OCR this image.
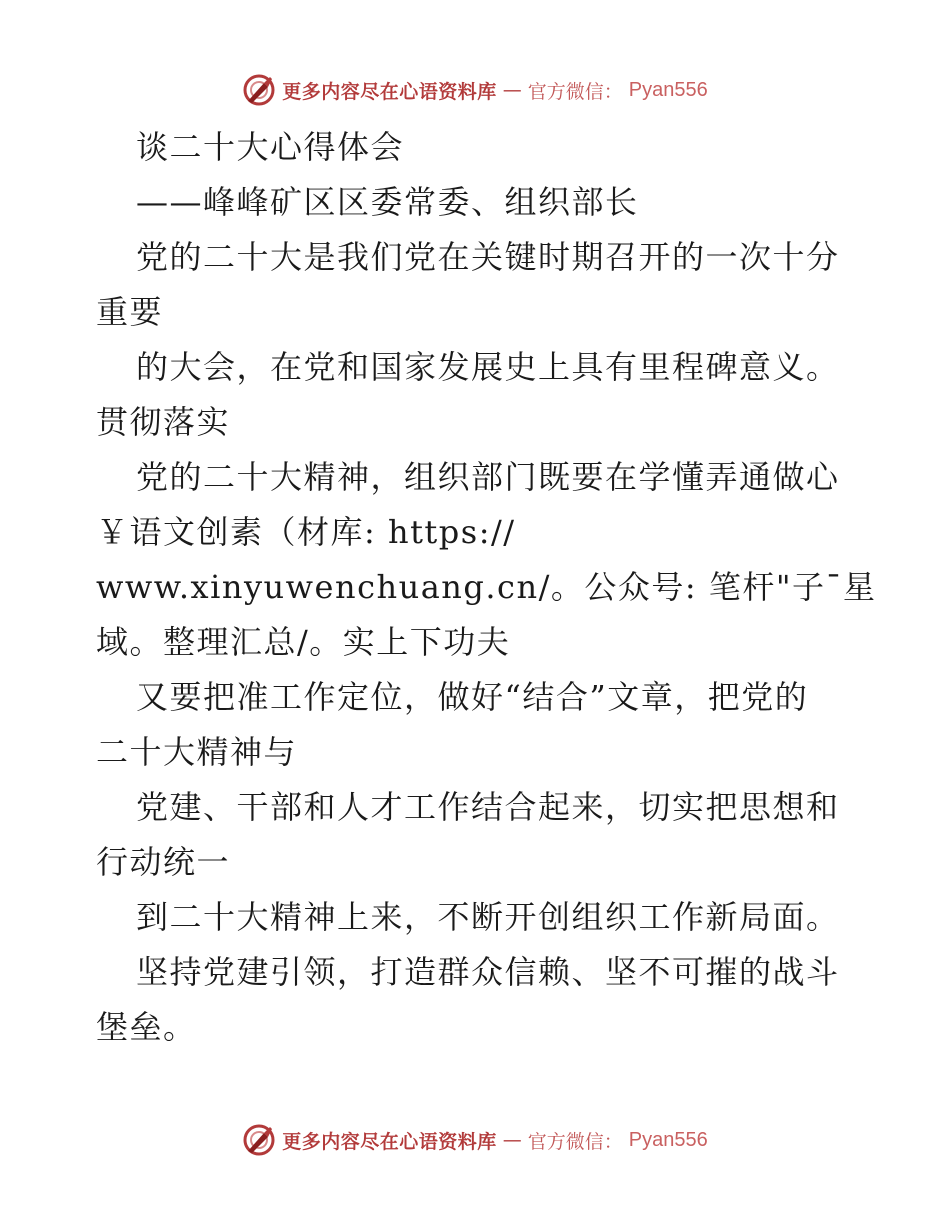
更多内容尽在心语资料库 — 官方微信： Pyan556
谈二十大心得体会
——峰峰矿区区委常委、组织部长
党的二十大是我们党在关键时期召开的一次十分
重要
的大会，在党和国家发展史上具有里程碑意义。
贯彻落实
党的二十大精神，组织部门既要在学懂弄通做心
￥语文创素（材库: https://
www.xinyuwenchuang.cn/。公众号: 笔杆"子¯星
域。整理汇总/。实上下功夫
又要把准工作定位，做好“结合”文章，把党的
二十大精神与
党建、干部和人才工作结合起来，切实把思想和
行动统一
到二十大精神上来，不断开创组织工作新局面。
坚持党建引领，打造群众信赖、坚不可摧的战斗
堡垒。
更多内容尽在心语资料库 — 官方微信： Pyan556
